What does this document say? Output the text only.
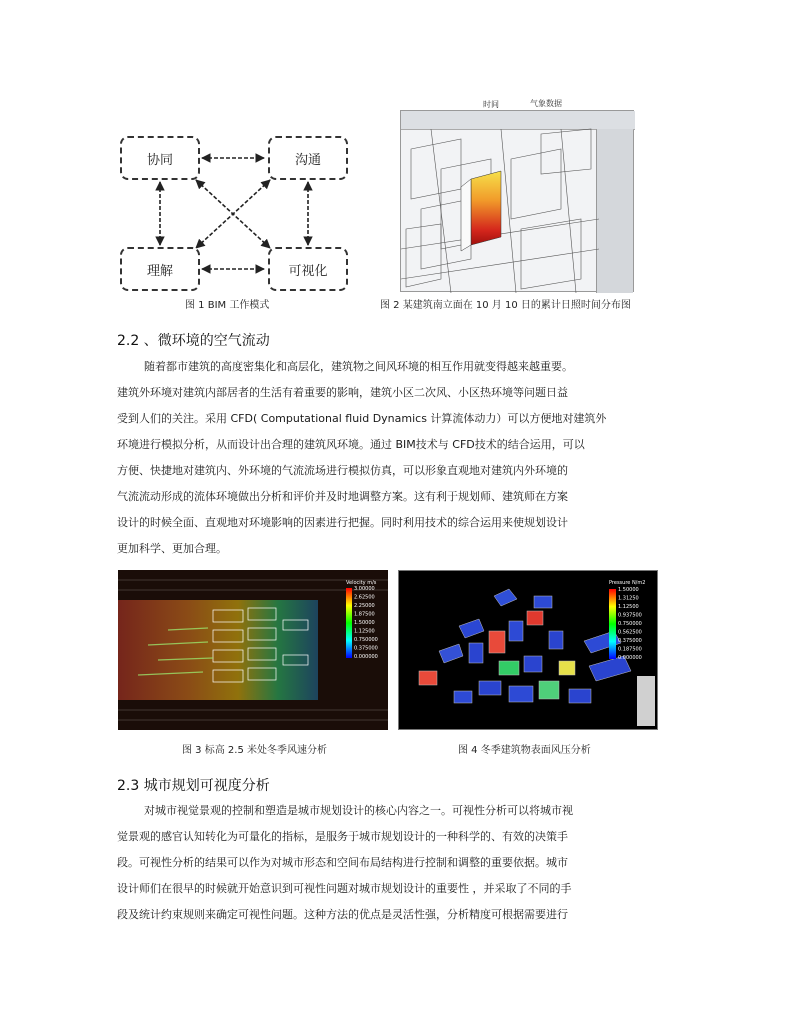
协同	沟通
理解	可视化
图 1 BIM 工作模式
时间	气象数据
图 2 某建筑南立面在 10 月 10 日的累计日照时间分布图
2.2 、微环境的空气流动
随着都市建筑的高度密集化和高层化，建筑物之间风环境的相互作用就变得越来越重要。
建筑外环境对建筑内部居者的生活有着重要的影响，建筑小区二次风、小区热环境等问题日益
受到人们的关注。采用 CFD( Computational fluid Dynamics 计算流体动力）可以方便地对建筑外
环境进行模拟分析，从而设计出合理的建筑风环境。通过 BIM技术与 CFD技术的结合运用，可以
方便、快捷地对建筑内、外环境的气流流场进行模拟仿真，可以形象直观地对建筑内外环境的
气流流动形成的流体环境做出分析和评价并及时地调整方案。这有利于规划师、建筑师在方案
设计的时候全面、直观地对环境影响的因素进行把握。同时利用技术的综合运用来使规划设计
更加科学、更加合理。
Velocity m/s
3.00000
2.62500
2.25000
1.87500
1.50000
1.12500
0.750000
0.375000
0.000000
图 3 标高 2.5 米处冬季风速分析
Pressure N/m2
1.50000
1.31250
1.12500
0.937500
0.750000
0.562500
0.375000
0.187500
0.000000
图 4 冬季建筑物表面风压分析
2.3 城市规划可视度分析
对城市视觉景观的控制和塑造是城市规划设计的核心内容之一。可视性分析可以将城市视
觉景观的感官认知转化为可量化的指标，是服务于城市规划设计的一种科学的、有效的决策手
段。可视性分析的结果可以作为对城市形态和空间布局结构进行控制和调整的重要依据。城市
设计师们在很早的时候就开始意识到可视性问题对城市规划设计的重要性 ，并采取了不同的手
段及统计约束规则来确定可视性问题。这种方法的优点是灵活性强，分析精度可根据需要进行
